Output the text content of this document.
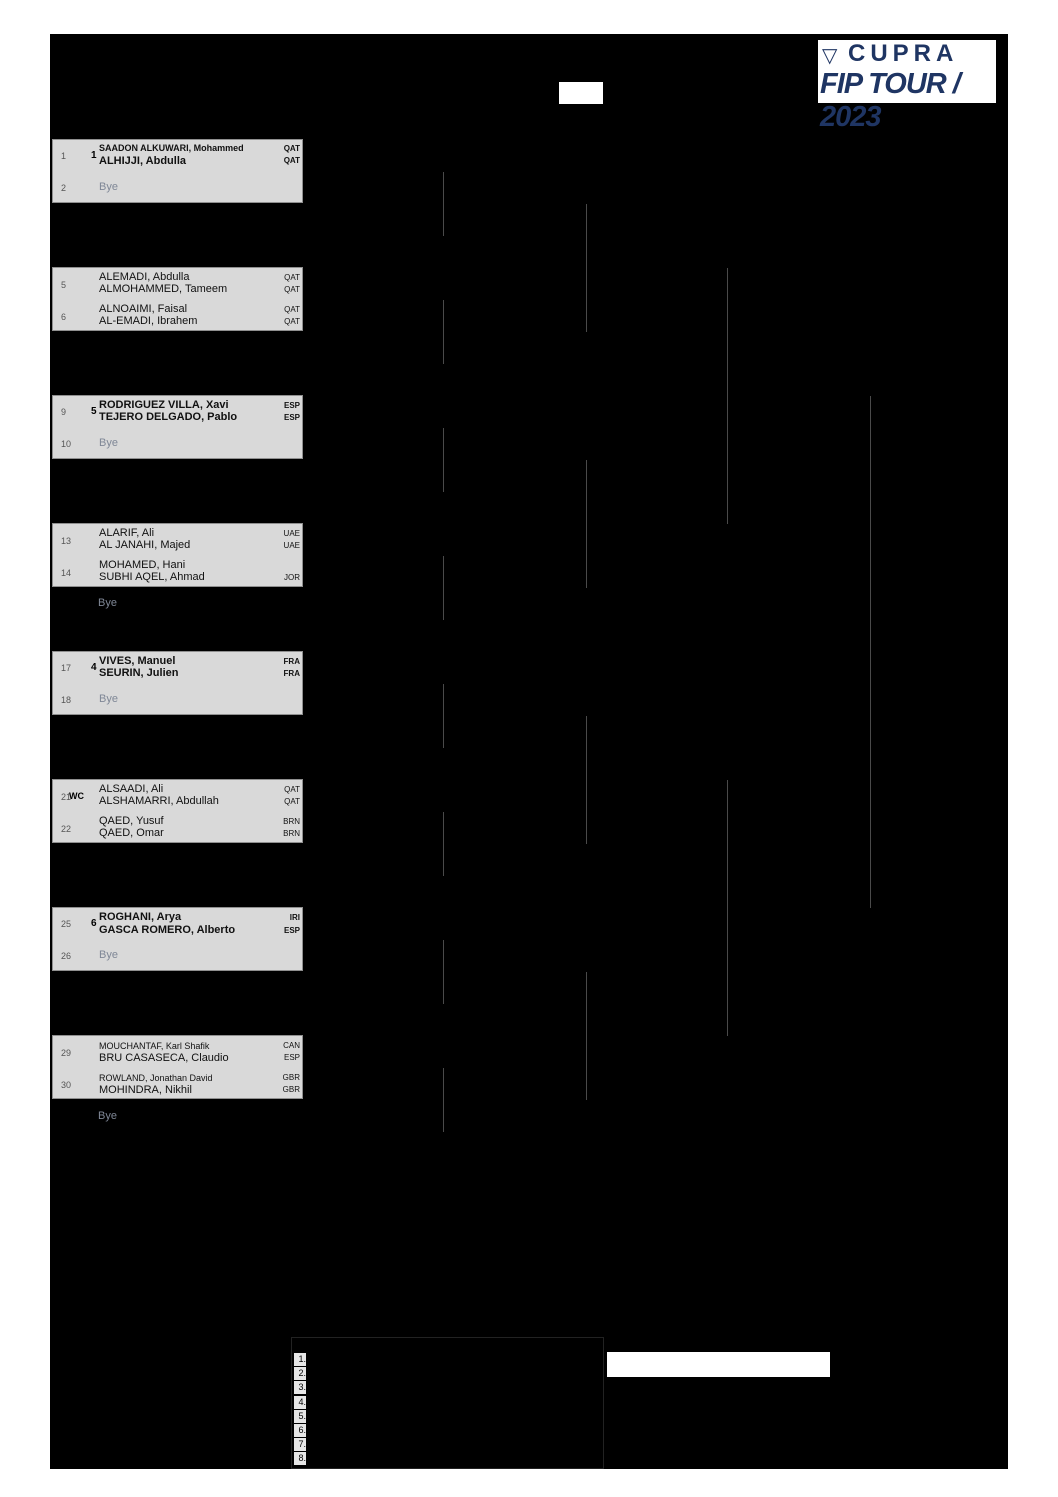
▽ CUPRA
FIP TOUR / 2023
1 1
SAADON ALKUWARI, Mohammed	QAT
ALHIJJI, Abdulla	QAT
2	Bye
5
ALEMADI, Abdulla	QAT
ALMOHAMMED, Tameem	QAT
6
ALNOAIMI, Faisal	QAT
AL-EMADI, Ibrahem	QAT
9 5
RODRIGUEZ VILLA, Xavi	ESP
TEJERO DELGADO, Pablo	ESP
10	Bye
13
ALARIF, Ali	UAE
AL JANAHI, Majed	UAE
14
MOHAMED, Hani
SUBHI AQEL, Ahmad	JOR
Bye
17 4
VIVES, Manuel	FRA
SEURIN, Julien	FRA
18	Bye
21
WC
ALSAADI, Ali	QAT
ALSHAMARRI, Abdullah	QAT
22
QAED, Yusuf	BRN
QAED, Omar	BRN
25 6
ROGHANI, Arya	IRI
GASCA ROMERO, Alberto	ESP
26	Bye
29
MOUCHANTAF, Karl Shafik	CAN
BRU CASASECA, Claudio	ESP
30
ROWLAND, Jonathan David	GBR
MOHINDRA, Nikhil	GBR
Bye
1.
2.
3.
4.
5.
6.
7.
8.
